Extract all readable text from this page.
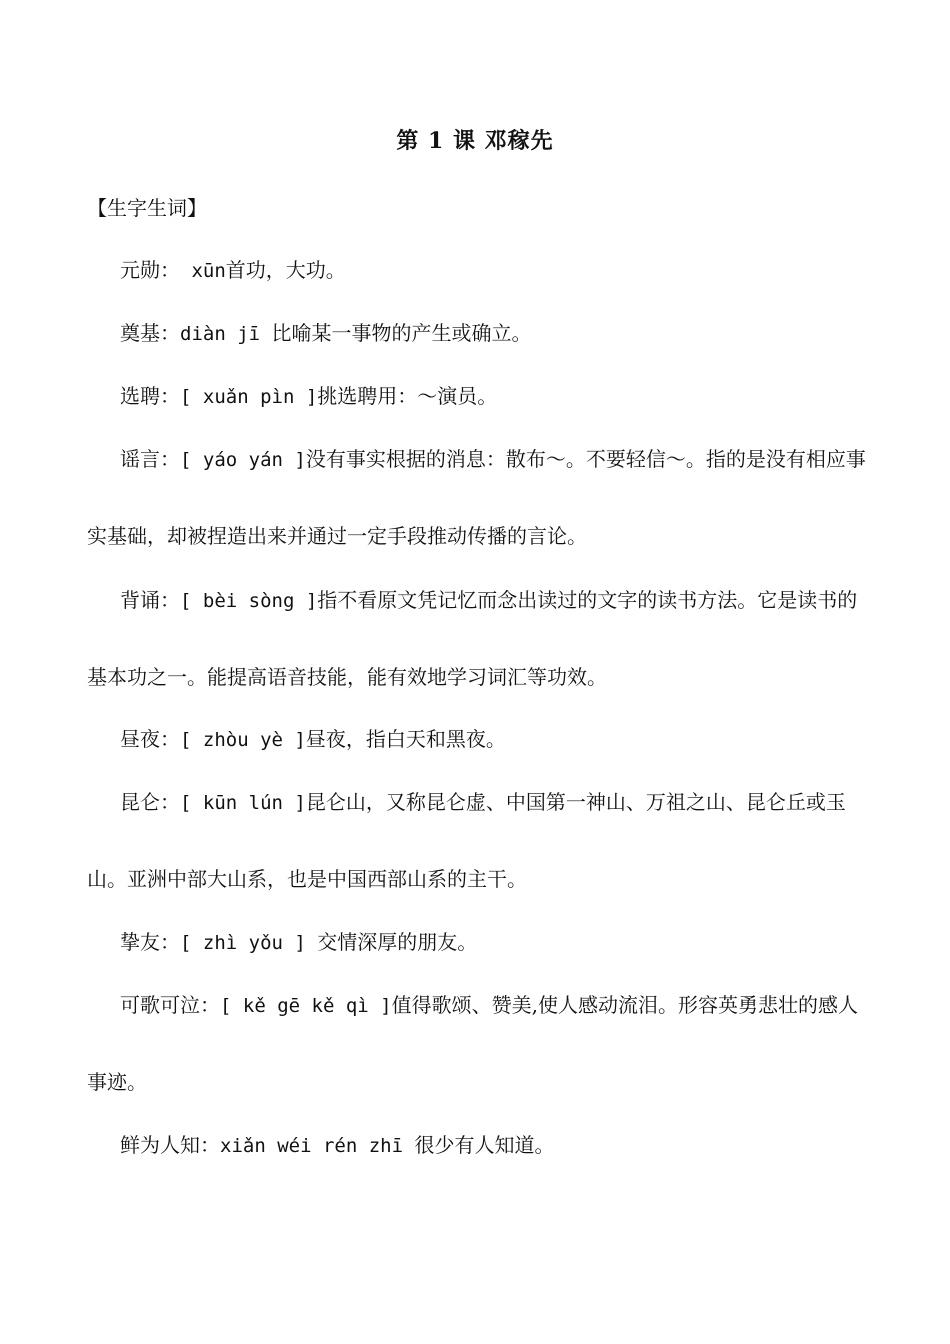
第 1 课 邓稼先
【生字生词】
元勋： xūn首功，大功。
奠基：diàn jī 比喻某一事物的产生或确立。
选聘：[ xuǎn pìn ]挑选聘用：～演员。
谣言：[ yáo yán ]没有事实根据的消息：散布～。不要轻信～。指的是没有相应事实基础，却被捏造出来并通过一定手段推动传播的言论。
背诵：[ bèi sòng ]指不看原文凭记忆而念出读过的文字的读书方法。它是读书的基本功之一。能提高语音技能，能有效地学习词汇等功效。
昼夜：[ zhòu yè ]昼夜，指白天和黑夜。
昆仑：[ kūn lún ]昆仑山，又称昆仑虚、中国第一神山、万祖之山、昆仑丘或玉山。亚洲中部大山系，也是中国西部山系的主干。
挚友：[ zhì yǒu ] 交情深厚的朋友。
可歌可泣：[ kě gē kě qì ]值得歌颂、赞美,使人感动流泪。形容英勇悲壮的感人事迹。
鲜为人知：xiǎn wéi rén zhī 很少有人知道。
